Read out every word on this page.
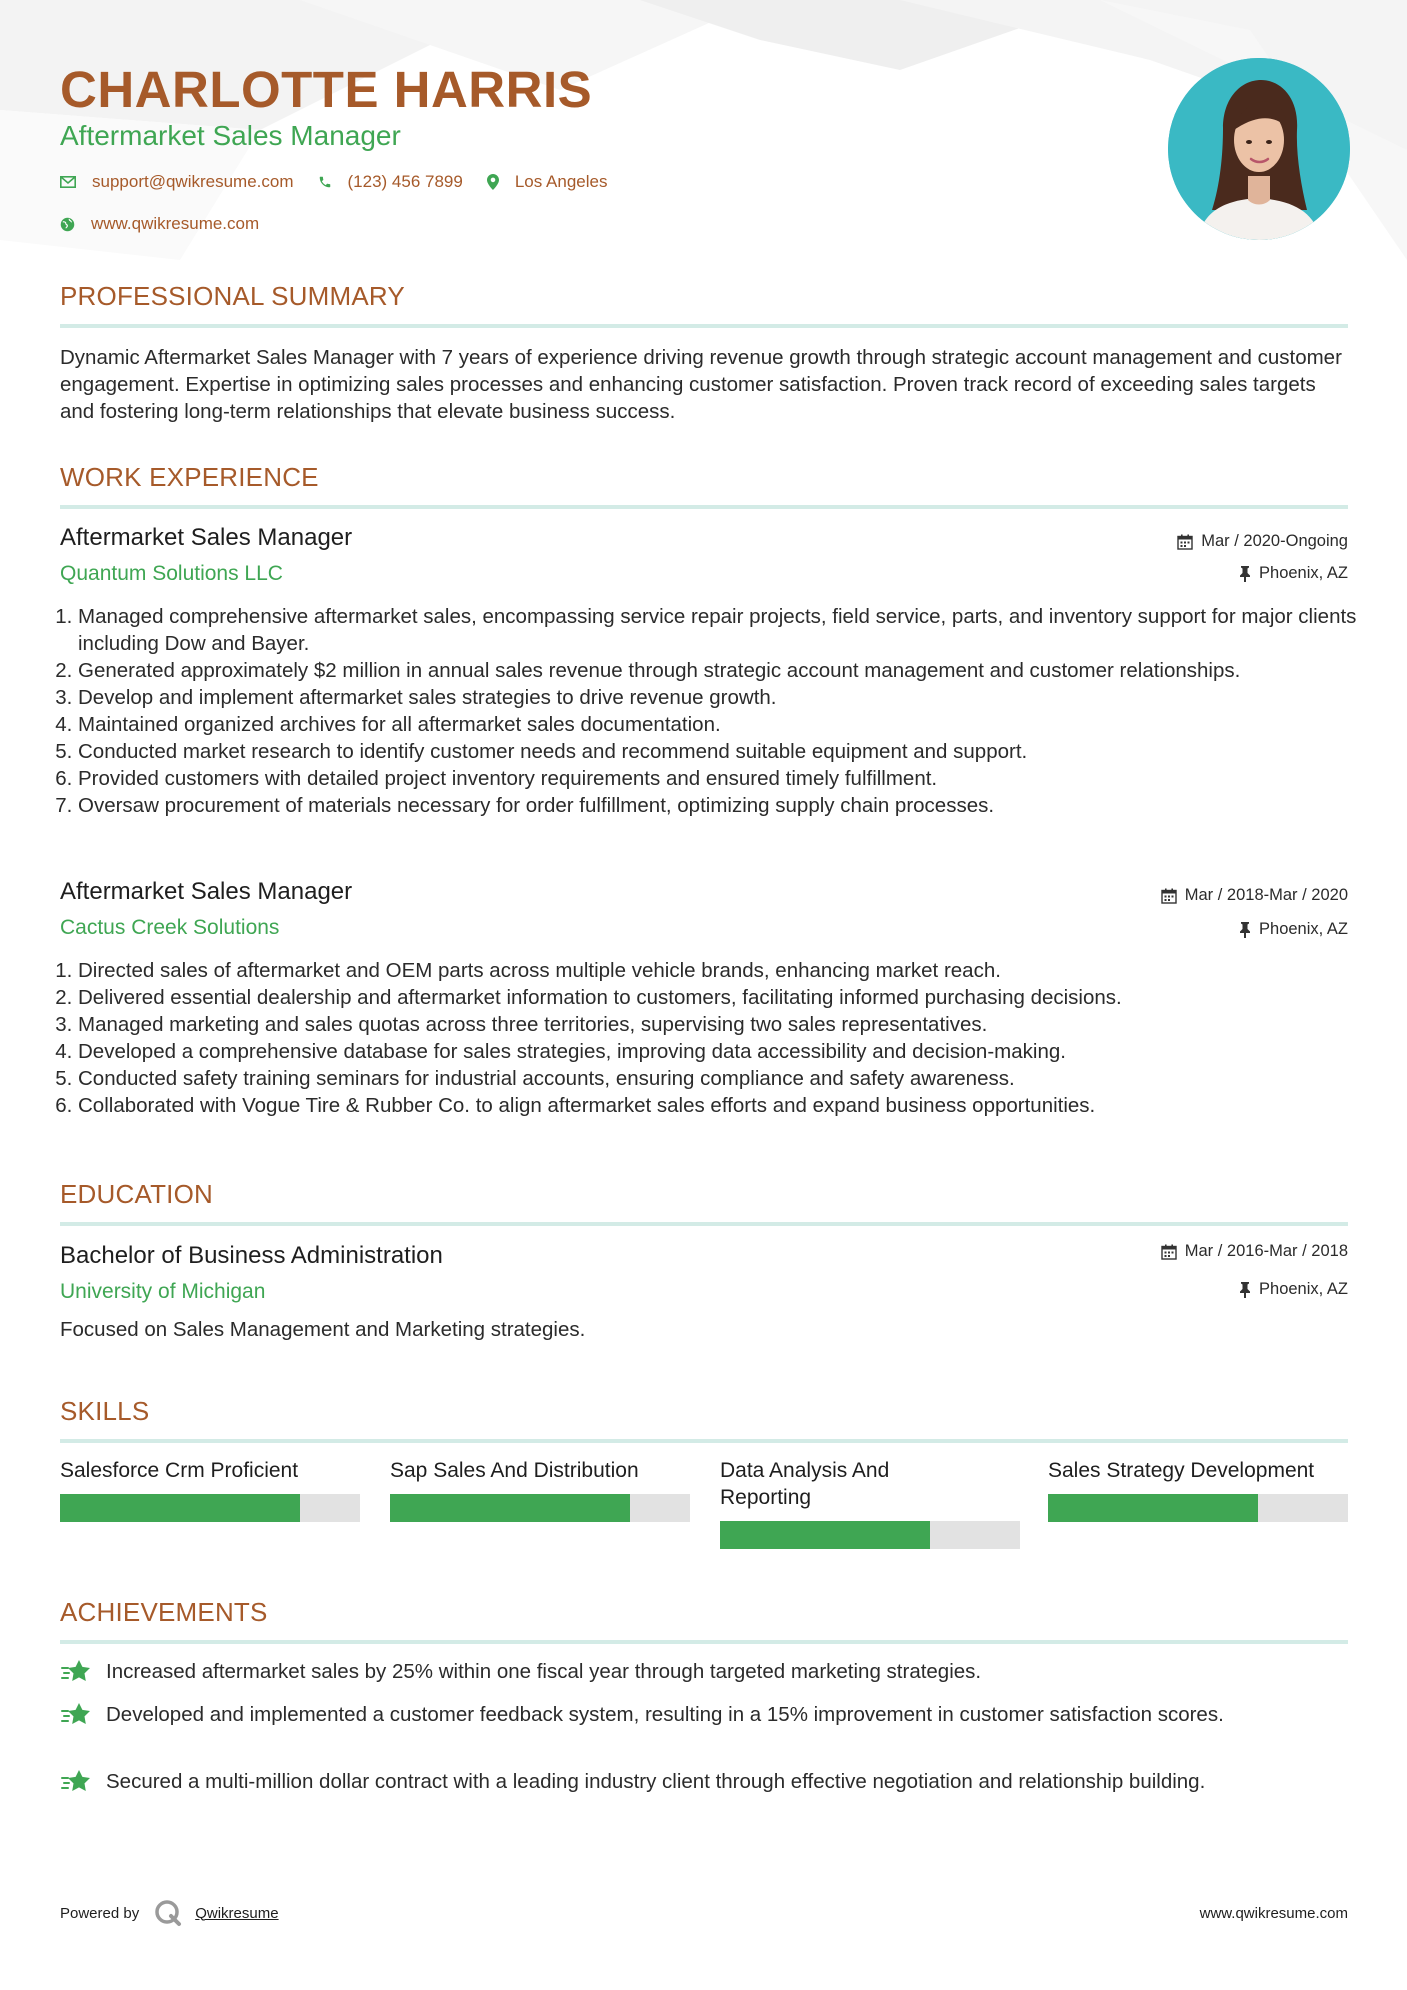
CHARLOTTE HARRIS
Aftermarket Sales Manager
support@qwikresume.com	(123) 456 7899	Los Angeles
www.qwikresume.com
PROFESSIONAL SUMMARY

Dynamic Aftermarket Sales Manager with 7 years of experience driving revenue growth through strategic account management and customer engagement. Expertise in optimizing sales processes and enhancing customer satisfaction. Proven track record of exceeding sales targets and fostering long-term relationships that elevate business success.

WORK EXPERIENCE
Aftermarket Sales Manager
Quantum Solutions LLC
Mar / 2020-Ongoing
Phoenix, AZ
1. Managed comprehensive aftermarket sales, encompassing service repair projects, field service, parts, and inventory support for major clients including Dow and Bayer.
2. Generated approximately $2 million in annual sales revenue through strategic account management and customer relationships.
3. Develop and implement aftermarket sales strategies to drive revenue growth.
4. Maintained organized archives for all aftermarket sales documentation.
5. Conducted market research to identify customer needs and recommend suitable equipment and support.
6. Provided customers with detailed project inventory requirements and ensured timely fulfillment.
7. Oversaw procurement of materials necessary for order fulfillment, optimizing supply chain processes.
Aftermarket Sales Manager
Cactus Creek Solutions
Mar / 2018-Mar / 2020
Phoenix, AZ
1. Directed sales of aftermarket and OEM parts across multiple vehicle brands, enhancing market reach.
2. Delivered essential dealership and aftermarket information to customers, facilitating informed purchasing decisions.
3. Managed marketing and sales quotas across three territories, supervising two sales representatives.
4. Developed a comprehensive database for sales strategies, improving data accessibility and decision-making.
5. Conducted safety training seminars for industrial accounts, ensuring compliance and safety awareness.
6. Collaborated with Vogue Tire & Rubber Co. to align aftermarket sales efforts and expand business opportunities.
EDUCATION
Bachelor of Business Administration
University of Michigan
Mar / 2016-Mar / 2018
Phoenix, AZ

Focused on Sales Management and Marketing strategies.

SKILLS
Salesforce Crm Proficient	Sap Sales And Distribution	Data Analysis And Reporting
Sales Strategy Development
ACHIEVEMENTS
Increased aftermarket sales by 25% within one fiscal year through targeted marketing strategies.
Developed and implemented a customer feedback system, resulting in a 15% improvement in customer satisfaction scores.
Secured a multi-million dollar contract with a leading industry client through effective negotiation and relationship building.
Powered by	Qwikresume	www.qwikresume.com
